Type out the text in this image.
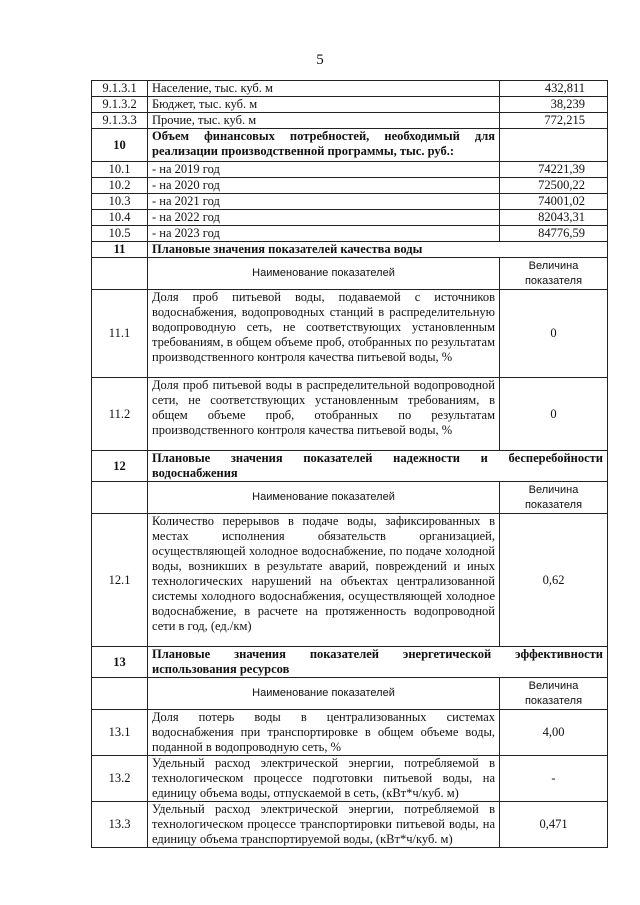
5
9.1.3.1	Население, тыс. куб. м	432,811
9.1.3.2	Бюджет, тыс. куб. м	38,239
9.1.3.3	Прочие, тыс. куб. м	772,215
10	Объем финансовых потребностей, необходимый для реализации производственной программы, тыс. руб.:	
10.1	- на 2019 год	74221,39
10.2	- на 2020 год	72500,22
10.3	- на 2021 год	74001,02
10.4	- на 2022 год	82043,31
10.5	- на 2023 год	84776,59
11	Плановые значения показателей качества воды	
	Наименование показателей	Величина показателя
11.1	Доля проб питьевой воды, подаваемой с источников водоснабжения, водопроводных станций в распределительную водопроводную сеть, не соответствующих установленным требованиям, в общем объеме проб, отобранных по результатам производственного контроля качества питьевой воды, %	0
11.2	Доля проб питьевой воды в распределительной водопроводной сети, не соответствующих установленным требованиям, в общем объеме проб, отобранных по результатам производственного контроля качества питьевой воды, %	0
12	Плановые значения показателей надежности и бесперебойности водоснабжения	
	Наименование показателей	Величина показателя
12.1	Количество перерывов в подаче воды, зафиксированных в местах исполнения обязательств организацией, осуществляющей холодное водоснабжение, по подаче холодной воды, возникших в результате аварий, повреждений и иных технологических нарушений на объектах централизованной системы холодного водоснабжения, осуществляющей холодное водоснабжение, в расчете на протяженность водопроводной сети в год, (ед./км)	0,62
13	Плановые значения показателей энергетической эффективности использования ресурсов	
	Наименование показателей	Величина показателя
13.1	Доля потерь воды в централизованных системах водоснабжения при транспортировке в общем объеме воды, поданной в водопроводную сеть, %	4,00
13.2	Удельный расход электрической энергии, потребляемой в технологическом процессе подготовки питьевой воды, на единицу объема воды, отпускаемой в сеть, (кВт*ч/куб. м)	-
13.3	Удельный расход электрической энергии, потребляемой в технологическом процессе транспортировки питьевой воды, на единицу объема транспортируемой воды, (кВт*ч/куб. м)	0,471
